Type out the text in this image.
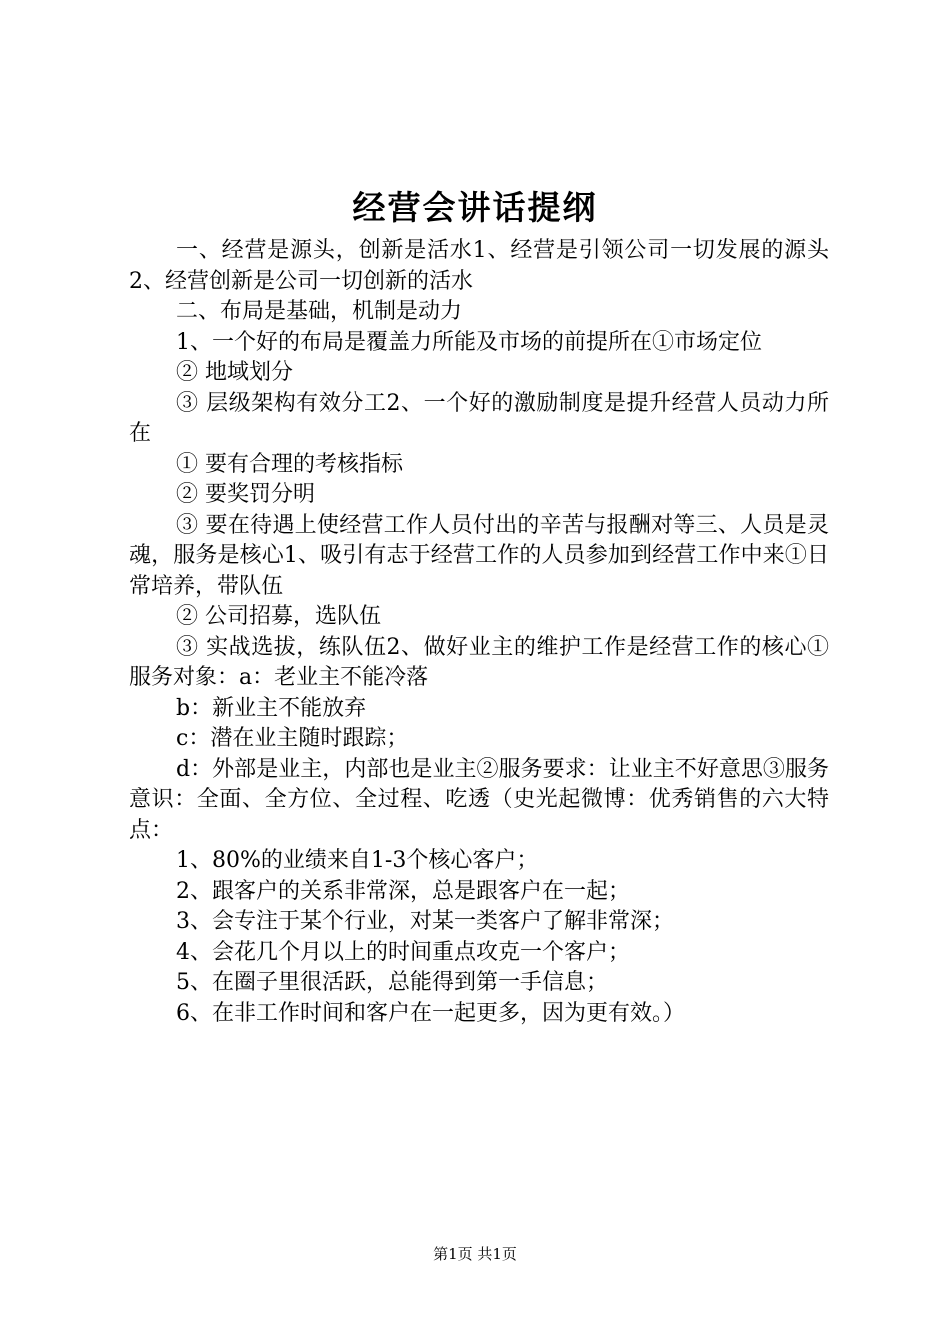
经营会讲话提纲

一、经营是源头，创新是活水1、经营是引领公司一切发展的源头2、经营创新是公司一切创新的活水

二、布局是基础，机制是动力

1、一个好的布局是覆盖力所能及市场的前提所在①市场定位

② 地域划分

③ 层级架构有效分工2、一个好的激励制度是提升经营人员动力所在

① 要有合理的考核指标

② 要奖罚分明

③ 要在待遇上使经营工作人员付出的辛苦与报酬对等三、人员是灵魂，服务是核心1、吸引有志于经营工作的人员参加到经营工作中来①日常培养，带队伍

② 公司招募，选队伍

③ 实战选拔，练队伍2、做好业主的维护工作是经营工作的核心①服务对象：a：老业主不能冷落

b：新业主不能放弃

c：潜在业主随时跟踪；

d：外部是业主，内部也是业主②服务要求：让业主不好意思③服务意识：全面、全方位、全过程、吃透（史光起微博：优秀销售的六大特点：

1、80%的业绩来自1-3个核心客户；

2、跟客户的关系非常深，总是跟客户在一起；

3、会专注于某个行业，对某一类客户了解非常深；

4、会花几个月以上的时间重点攻克一个客户；

5、在圈子里很活跃，总能得到第一手信息；

6、在非工作时间和客户在一起更多，因为更有效。）

第1页 共1页
